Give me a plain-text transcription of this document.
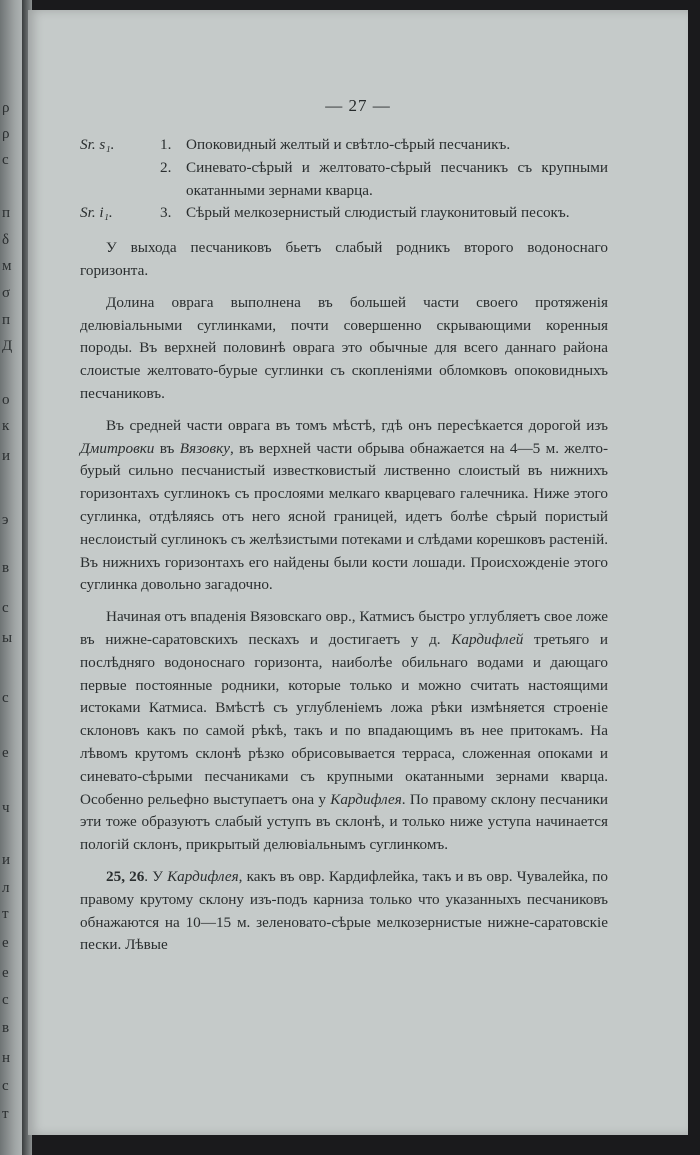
ρ
ρ
с
п
δ
м
σ
п
Д
о
к
и
э
в
с
ы
с
е
ч
и
л
т
е
е
с
в
н
с
т
— 27 —
Sr. s₁.	1. Опоковидный желтый и свѣтло-сѣрый песчаникъ.
2. Синевато-сѣрый и желтовато-сѣрый песчаникъ съ крупными окатанными зернами кварца.
Sr. i₁.	3. Сѣрый мелкозернистый слюдистый глауконитовый песокъ.

У выхода песчаниковъ бьетъ слабый родникъ второго водоноснаго горизонта.

Долина оврага выполнена въ большей части своего протяженія делювіальными суглинками, почти совершенно скрывающими коренныя породы. Въ верхней половинѣ оврага это обычные для всего даннаго района слоистые желтовато-бурые суглинки съ скопленіями обломковъ опоковидныхъ песчаниковъ.

Въ средней части оврага въ томъ мѣстѣ, гдѣ онъ пересѣкается дорогой изъ Дмитровки въ Вязовку, въ верхней части обрыва обнажается на 4—5 м. желто-бурый сильно песчанистый известковистый лиственно слоистый въ нижнихъ горизонтахъ суглинокъ съ прослоями мелкаго кварцеваго галечника. Ниже этого суглинка, отдѣляясь отъ него ясной границей, идетъ болѣе сѣрый пористый неслоистый суглинокъ съ желѣзистыми потеками и слѣдами корешковъ растеній. Въ нижнихъ горизонтахъ его найдены были кости лошади. Происхожденіе этого суглинка довольно загадочно.

Начиная отъ впаденія Вязовскаго овр., Катмисъ быстро углубляетъ свое ложе въ нижне-саратовскихъ пескахъ и достигаетъ у д. Кардифлей третьяго и послѣдняго водоноснаго горизонта, наиболѣе обильнаго водами и дающаго первые постоянные родники, которые только и можно считать настоящими истоками Катмиса. Вмѣстѣ съ углубленіемъ ложа рѣки измѣняется строеніе склоновъ какъ по самой рѣкѣ, такъ и по впадающимъ въ нее притокамъ. На лѣвомъ крутомъ склонѣ рѣзко обрисовывается терраса, сложенная опоками и синевато-сѣрыми песчаниками съ крупными окатанными зернами кварца. Особенно рельефно выступаетъ она у Кардифлея. По правому склону песчаники эти тоже образуютъ слабый уступъ въ склонѣ, и только ниже уступа начинается пологій склонъ, прикрытый делювіальнымъ суглинкомъ.

25, 26. У Кардифлея, какъ въ овр. Кардифлейка, такъ и въ овр. Чувалейка, по правому крутому склону изъ-подъ карниза только что указанныхъ песчаниковъ обнажаются на 10—15 м. зеленовато-сѣрые мелкозернистые нижне-саратовскіе пески. Лѣвые
